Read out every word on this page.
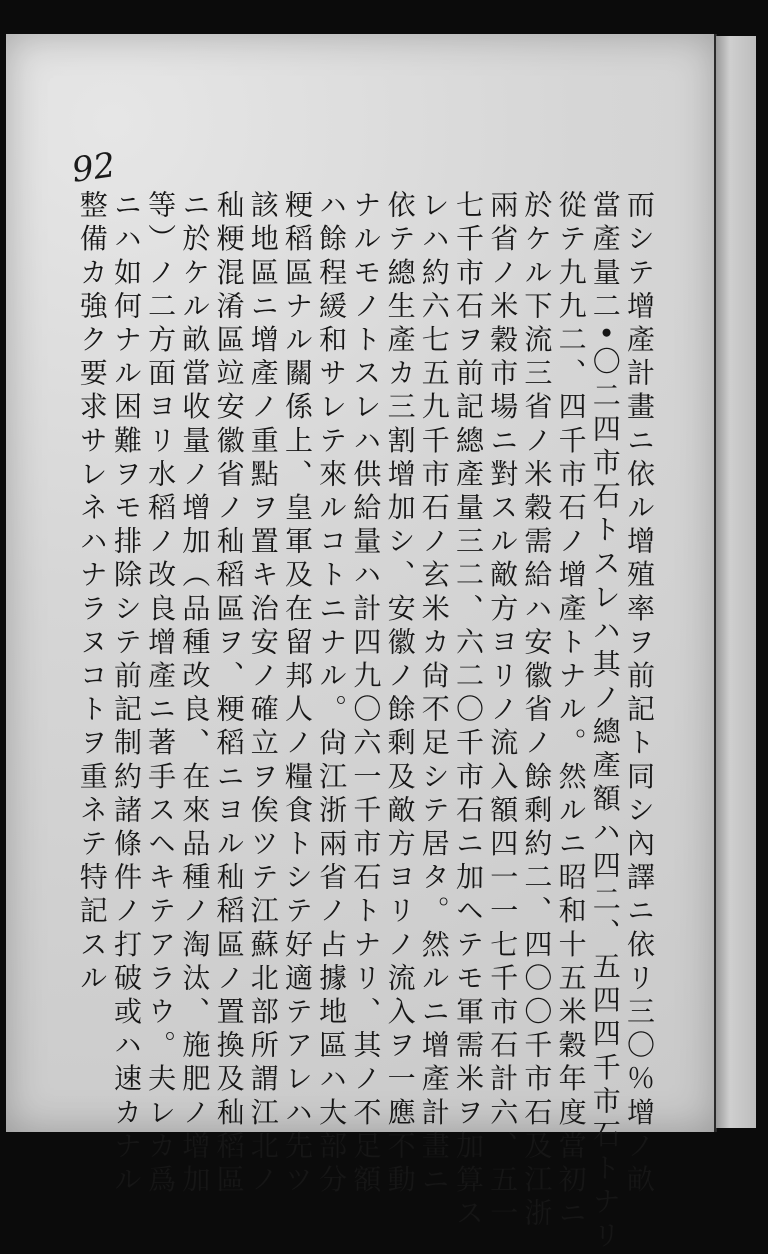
92

而シテ增產計畫ニ依ル增殖率ヲ前記ト同シ內譯ニ依リ三〇％增ノ畝

當產量二•〇二四市石トスレハ其ノ總產額ハ四二、五四四千市石トナリ

從テ九九二、四千市石ノ增產トナル。然ルニ昭和十五米穀年度當初ニ

於ケル下流三省ノ米穀需給ハ安徽省ノ餘剩約二、四〇〇千市石及江浙

兩省ノ米穀市場ニ對スル敵方ヨリノ流入額四一一七千市石計六、五一

七千市石ヲ前記總產量三二、六二〇千市石ニ加ヘテモ軍需米ヲ加算ス

レハ約六七五九千市石ノ玄米カ尙不足シテ居タ。然ルニ增產計畫ニ

依テ總生產カ三割增加シ、安徽ノ餘剩及敵方ヨリノ流入ヲ一應不動

ナルモノトスレハ供給量ハ計四九〇六一千市石トナリ、其ノ不足額

ハ餘程緩和サレテ來ルコトニナル。尙江浙兩省ノ占據地區ハ大部分

粳稻區ナル關係上、皇軍及在留邦人ノ糧食トシテ好適テアレハ先ツ

該地區ニ增產ノ重點ヲ置キ治安ノ確立ヲ俟ツテ江蘇北部所謂江北ノ

秈粳混淆區竝安徽省ノ秈稻區ヲ、粳稻ニヨル秈稻區ノ置換及秈稻區

ニ於ケル畝當收量ノ增加（品種改良、在來品種ノ淘汰、施肥ノ增加

等）ノ二方面ヨリ水稻ノ改良增產ニ著手スヘキテアラウ。夫レカ爲

ニハ如何ナル困難ヲモ排除シテ前記制約諸條件ノ打破或ハ速カナル

整備カ強ク要求サレネハナラヌコトヲ重ネテ特記スル
